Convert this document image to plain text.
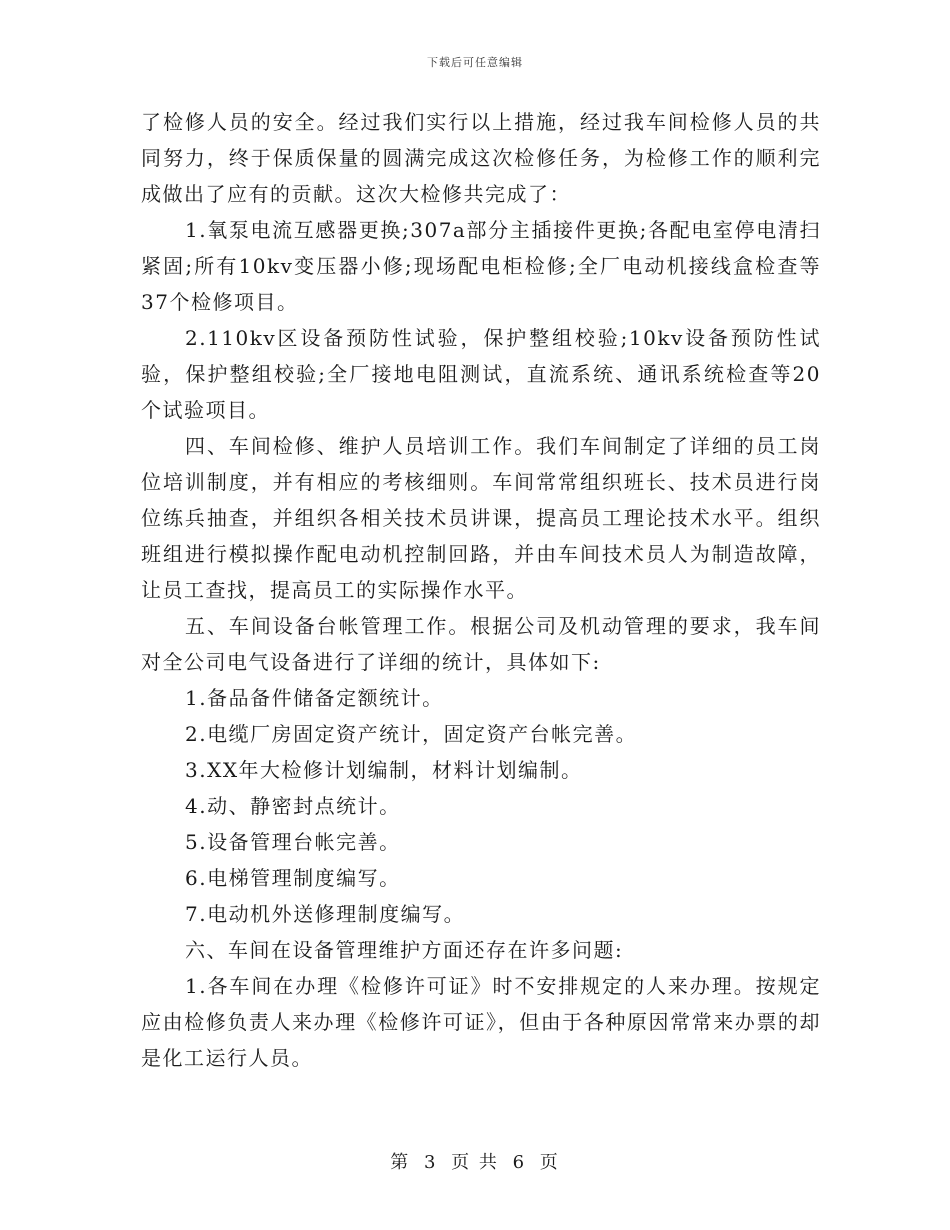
下载后可任意编辑

了检修人员的安全。经过我们实行以上措施，经过我车间检修人员的共同努力，终于保质保量的圆满完成这次检修任务，为检修工作的顺利完成做出了应有的贡献。这次大检修共完成了：

1.氧泵电流互感器更换;307a部分主插接件更换;各配电室停电清扫紧固;所有10kv变压器小修;现场配电柜检修;全厂电动机接线盒检查等37个检修项目。

2.110kv区设备预防性试验，保护整组校验;10kv设备预防性试验，保护整组校验;全厂接地电阻测试，直流系统、通讯系统检查等20个试验项目。

四、车间检修、维护人员培训工作。我们车间制定了详细的员工岗位培训制度，并有相应的考核细则。车间常常组织班长、技术员进行岗位练兵抽查，并组织各相关技术员讲课，提高员工理论技术水平。组织班组进行模拟操作配电动机控制回路，并由车间技术员人为制造故障，让员工查找，提高员工的实际操作水平。

五、车间设备台帐管理工作。根据公司及机动管理的要求，我车间对全公司电气设备进行了详细的统计，具体如下:

1.备品备件储备定额统计。

2.电缆厂房固定资产统计，固定资产台帐完善。

3.XX年大检修计划编制，材料计划编制。

4.动、静密封点统计。

5.设备管理台帐完善。

6.电梯管理制度编写。

7.电动机外送修理制度编写。

六、车间在设备管理维护方面还存在许多问题:

1.各车间在办理《检修许可证》时不安排规定的人来办理。按规定应由检修负责人来办理《检修许可证》，但由于各种原因常常来办票的却是化工运行人员。

第 3 页 共 6 页
